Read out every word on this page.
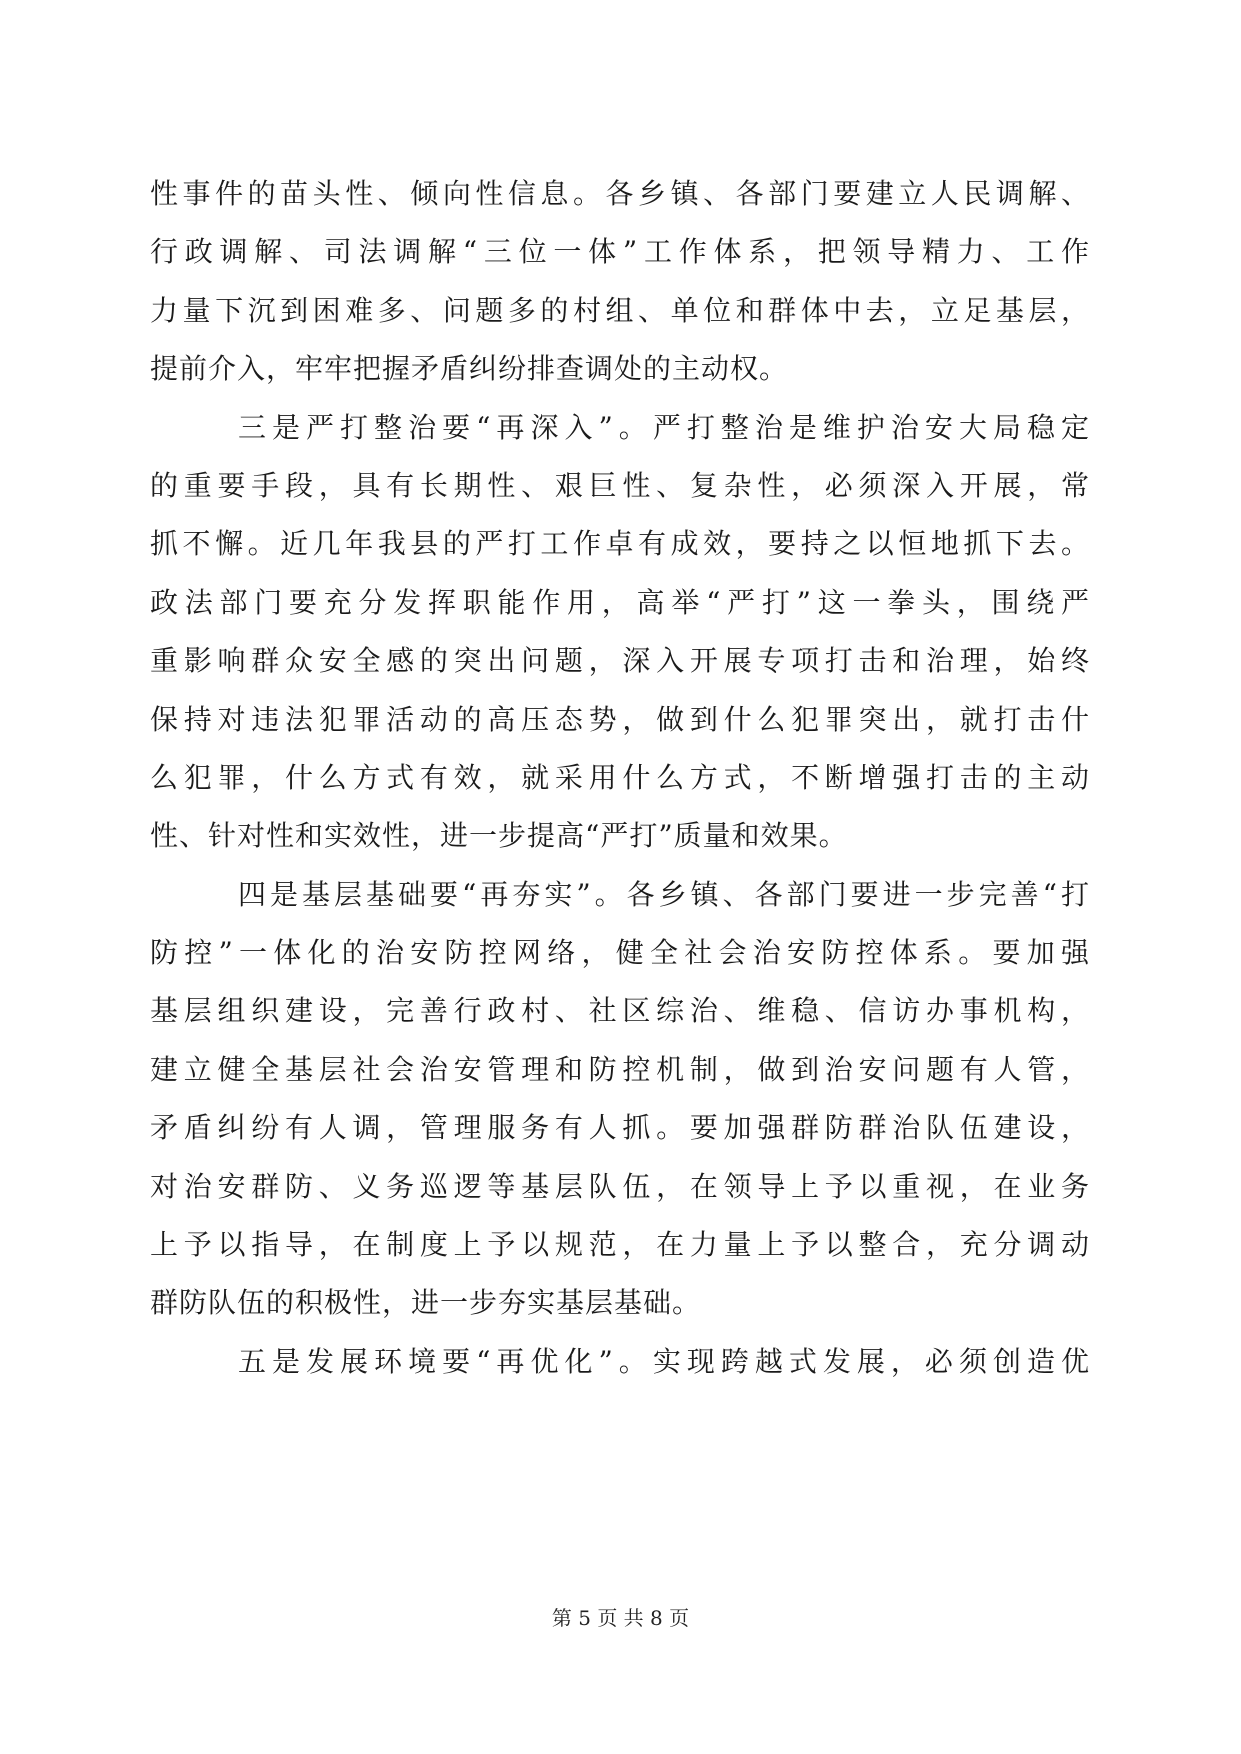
性事件的苗头性、倾向性信息。各乡镇、各部门要建立人民调解、
行政调解、司法调解“三位一体”工作体系，把领导精力、工作
力量下沉到困难多、问题多的村组、单位和群体中去，立足基层，
提前介入，牢牢把握矛盾纠纷排查调处的主动权。
三是严打整治要“再深入”。严打整治是维护治安大局稳定
的重要手段，具有长期性、艰巨性、复杂性，必须深入开展，常
抓不懈。近几年我县的严打工作卓有成效，要持之以恒地抓下去。
政法部门要充分发挥职能作用，高举“严打”这一拳头，围绕严
重影响群众安全感的突出问题，深入开展专项打击和治理，始终
保持对违法犯罪活动的高压态势，做到什么犯罪突出，就打击什
么犯罪，什么方式有效，就采用什么方式，不断增强打击的主动
性、针对性和实效性，进一步提高“严打”质量和效果。
四是基层基础要“再夯实”。各乡镇、各部门要进一步完善“打
防控”一体化的治安防控网络，健全社会治安防控体系。要加强
基层组织建设，完善行政村、社区综治、维稳、信访办事机构，
建立健全基层社会治安管理和防控机制，做到治安问题有人管，
矛盾纠纷有人调，管理服务有人抓。要加强群防群治队伍建设，
对治安群防、义务巡逻等基层队伍，在领导上予以重视，在业务
上予以指导，在制度上予以规范，在力量上予以整合，充分调动
群防队伍的积极性，进一步夯实基层基础。
五是发展环境要“再优化”。实现跨越式发展，必须创造优
第 5 页 共 8 页
